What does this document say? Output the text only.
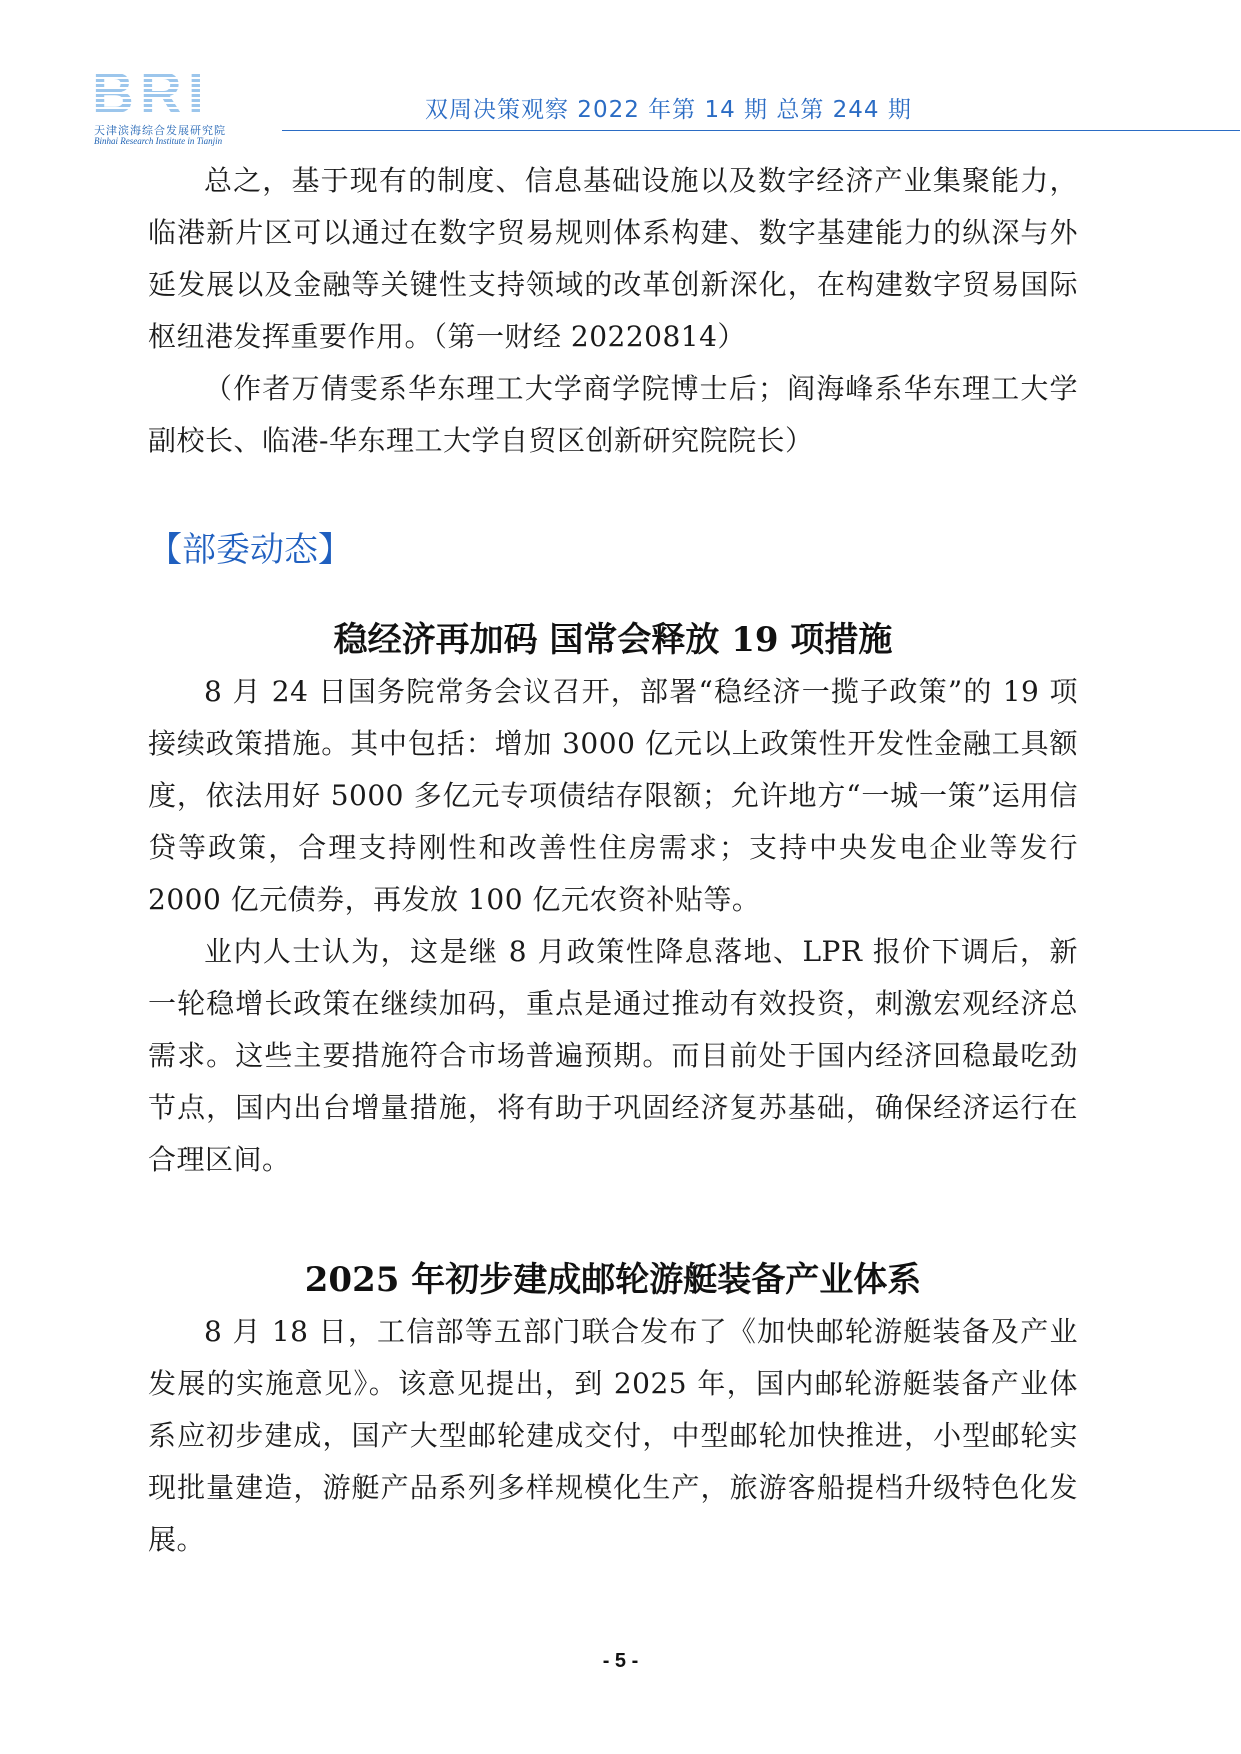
BRI
天津滨海综合发展研究院
Binhai Research Institute in Tianjin
双周决策观察 2022 年第 14 期 总第 244 期

总之，基于现有的制度、信息基础设施以及数字经济产业集聚能力，临港新片区可以通过在数字贸易规则体系构建、数字基建能力的纵深与外延发展以及金融等关键性支持领域的改革创新深化，在构建数字贸易国际枢纽港发挥重要作用。（第一财经 20220814）

（作者万倩雯系华东理工大学商学院博士后；阎海峰系华东理工大学副校长、临港-华东理工大学自贸区创新研究院院长）

【部委动态】
稳经济再加码 国常会释放 19 项措施

8 月 24 日国务院常务会议召开，部署“稳经济一揽子政策”的 19 项接续政策措施。其中包括：增加 3000 亿元以上政策性开发性金融工具额度，依法用好 5000 多亿元专项债结存限额；允许地方“一城一策”运用信贷等政策，合理支持刚性和改善性住房需求；支持中央发电企业等发行 2000 亿元债券，再发放 100 亿元农资补贴等。

业内人士认为，这是继 8 月政策性降息落地、LPR 报价下调后，新一轮稳增长政策在继续加码，重点是通过推动有效投资，刺激宏观经济总需求。这些主要措施符合市场普遍预期。而目前处于国内经济回稳最吃劲节点，国内出台增量措施，将有助于巩固经济复苏基础，确保经济运行在合理区间。

2025 年初步建成邮轮游艇装备产业体系

8 月 18 日，工信部等五部门联合发布了《加快邮轮游艇装备及产业发展的实施意见》。该意见提出，到 2025 年，国内邮轮游艇装备产业体系应初步建成，国产大型邮轮建成交付，中型邮轮加快推进，小型邮轮实现批量建造，游艇产品系列多样规模化生产，旅游客船提档升级特色化发展。

- 5 -
